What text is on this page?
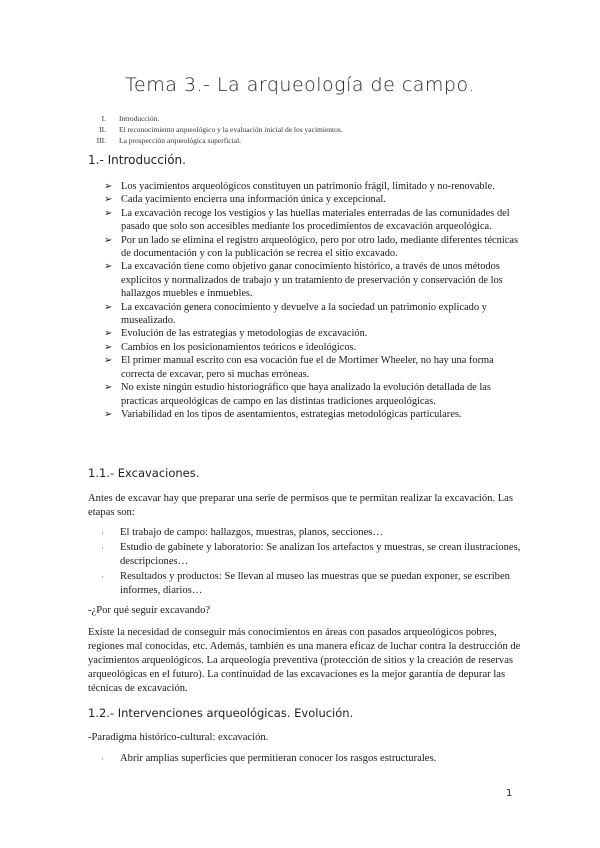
Tema 3.- La arqueología de campo.
I.	Introducción.
II.	El reconocimiento arqueológico y la evaluación inicial de los yacimientos.
III.	La prospección arqueológica superficial.
1.- Introducción.
➢ Los yacimientos arqueológicos constituyen un patrimonio frágil, limitado y no-renovable.
➢ Cada yacimiento encierra una información única y excepcional.
➢ La excavación recoge los vestigios y las huellas materiales enterradas de las comunidades del pasado que solo son accesibles mediante los procedimientos de excavación arqueológica.
➢ Por un lado se elimina el registro arqueológico, pero por otro lado, mediante diferentes técnicas de documentación y con la publicación se recrea el sitio excavado.
➢ La excavación tiene como objetivo ganar conocimiento histórico, a través de unos métodos explícitos y normalizados de trabajo y un tratamiento de preservación y conservación de los hallazgos muebles e inmuebles.
➢ La excavación genera conocimiento y devuelve a la sociedad un patrimonio explicado y musealizado.
➢ Evolución de las estrategias y metodologías de excavación.
➢ Cambios en los posicionamientos teóricos e ideológicos.
➢ El primer manual escrito con esa vocación fue el de Mortimer Wheeler, no hay una forma correcta de excavar, pero si muchas erróneas.
➢ No existe ningún estudio historiográfico que haya analizado la evolución detallada de las practicas arqueológicas de campo en las distintas tradiciones arqueológicas.
➢ Variabilidad en los tipos de asentamientos, estrategias metodológicas particulares.
1.1.- Excavaciones.
Antes de excavar hay que preparar una serie de permisos que te permitan realizar la excavación. Las etapas son:
·	El trabajo de campo: hallazgos, muestras, planos, secciones…
·	Estudio de gabinete y laboratorio: Se analizan los artefactos y muestras, se crean ilustraciones, descripciones…
·	Resultados y productos: Se llevan al museo las muestras que se puedan exponer, se escriben informes, diarios…
-¿Por qué seguir excavando?
Existe la necesidad de conseguir más conocimientos en áreas con pasados arqueológicos pobres, regiones mal conocidas, etc. Además, también es una manera eficaz de luchar contra la destrucción de yacimientos arqueológicos. La arqueología preventiva (protección de sitios y la creación de reservas arqueológicas en el futuro). La continuidad de las excavaciones es la mejor garantía de depurar las técnicas de excavación.
1.2.- Intervenciones arqueológicas. Evolución.
-Paradigma histórico-cultural: excavación.
·	Abrir amplias superficies que permitieran conocer los rasgos estructurales.
1
